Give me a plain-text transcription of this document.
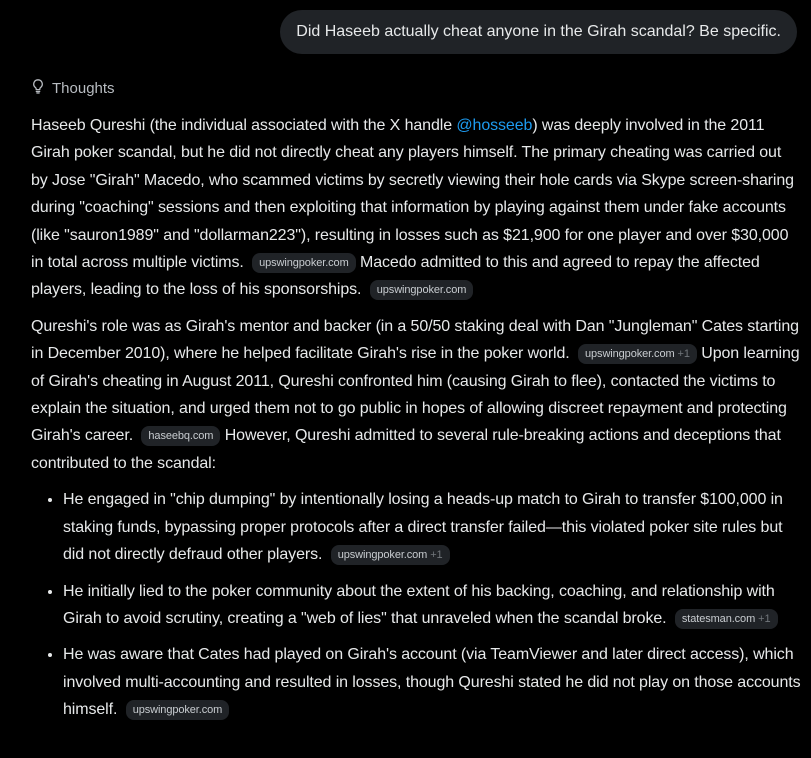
Did Haseeb actually cheat anyone in the Girah scandal? Be specific.
Thoughts

Haseeb Qureshi (the individual associated with the X handle @hosseeb) was deeply involved in the 2011 Girah poker scandal, but he did not directly cheat any players himself. The primary cheating was carried out by Jose "Girah" Macedo, who scammed victims by secretly viewing their hole cards via Skype screen-sharing during "coaching" sessions and then exploiting that information by playing against them under fake accounts (like "sauron1989" and "dollarman223"), resulting in losses such as $21,900 for one player and over $30,000 in total across multiple victims. upswingpoker.com Macedo admitted to this and agreed to repay the affected players, leading to the loss of his sponsorships. upswingpoker.com

Qureshi's role was as Girah's mentor and backer (in a 50/50 staking deal with Dan "Jungleman" Cates starting in December 2010), where he helped facilitate Girah's rise in the poker world. upswingpoker.com +1 Upon learning of Girah's cheating in August 2011, Qureshi confronted him (causing Girah to flee), contacted the victims to explain the situation, and urged them not to go public in hopes of allowing discreet repayment and protecting Girah's career. haseebq.com However, Qureshi admitted to several rule-breaking actions and deceptions that contributed to the scandal:

• He engaged in "chip dumping" by intentionally losing a heads-up match to Girah to transfer $100,000 in staking funds, bypassing proper protocols after a direct transfer failed—this violated poker site rules but did not directly defraud other players. upswingpoker.com +1
• He initially lied to the poker community about the extent of his backing, coaching, and relationship with Girah to avoid scrutiny, creating a "web of lies" that unraveled when the scandal broke. statesman.com +1
• He was aware that Cates had played on Girah's account (via TeamViewer and later direct access), which involved multi-accounting and resulted in losses, though Qureshi stated he did not play on those accounts himself. upswingpoker.com
